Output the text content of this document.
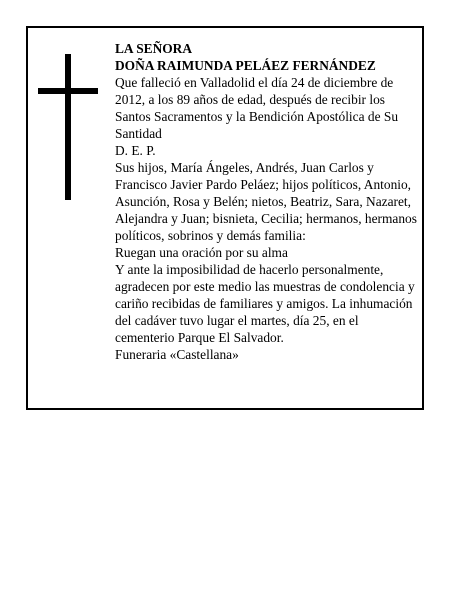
LA SEÑORA

DOÑA RAIMUNDA PELÁEZ FERNÁNDEZ

Que falleció en Valladolid el día 24 de diciembre de 2012, a los 89 años de edad, después de recibir los Santos Sacramentos y la Bendición Apostólica de Su Santidad

D. E. P.

Sus hijos, María Ángeles, Andrés, Juan Carlos y Francisco Javier Pardo Peláez; hijos políticos, Antonio, Asunción, Rosa y Belén; nietos, Beatriz, Sara, Nazaret, Alejandra y Juan; bisnieta, Cecilia; hermanos, hermanos políticos, sobrinos y demás familia:

Ruegan una oración por su alma

Y ante la imposibilidad de hacerlo personalmente, agradecen por este medio las muestras de condolencia y cariño recibidas de familiares y amigos. La inhumación del cadáver tuvo lugar el martes, día 25, en el cementerio Parque El Salvador.

Funeraria «Castellana»
